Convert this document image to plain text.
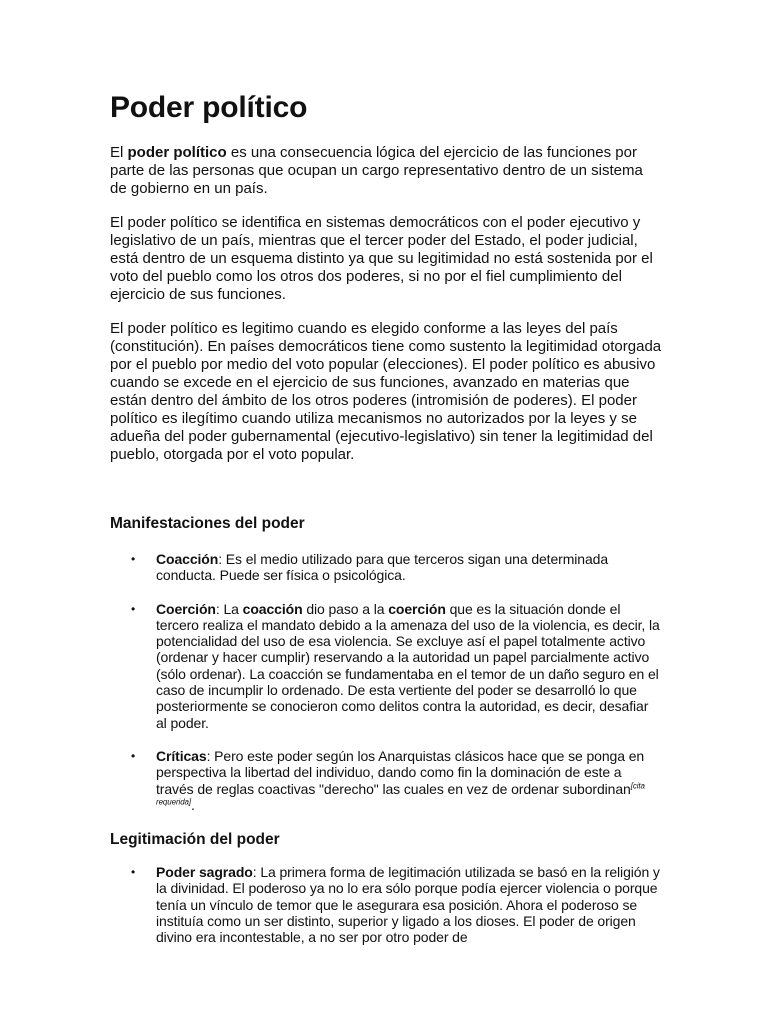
Poder político

El poder político es una consecuencia lógica del ejercicio de las funciones por parte de las personas que ocupan un cargo representativo dentro de un sistema de gobierno en un país.

El poder político se identifica en sistemas democráticos con el poder ejecutivo y legislativo de un país, mientras que el tercer poder del Estado, el poder judicial, está dentro de un esquema distinto ya que su legitimidad no está sostenida por el voto del pueblo como los otros dos poderes, si no por el fiel cumplimiento del ejercicio de sus funciones.

El poder político es legitimo cuando es elegido conforme a las leyes del país (constitución). En países democráticos tiene como sustento la legitimidad otorgada por el pueblo por medio del voto popular (elecciones). El poder político es abusivo cuando se excede en el ejercicio de sus funciones, avanzado en materias que están dentro del ámbito de los otros poderes (intromisión de poderes). El poder político es ilegítimo cuando utiliza mecanismos no autorizados por la leyes y se adueña del poder gubernamental (ejecutivo-legislativo) sin tener la legitimidad del pueblo, otorgada por el voto popular.

Manifestaciones del poder
• Coacción: Es el medio utilizado para que terceros sigan una determinada conducta. Puede ser física o psicológica.
• Coerción: La coacción dio paso a la coerción que es la situación donde el tercero realiza el mandato debido a la amenaza del uso de la violencia, es decir, la potencialidad del uso de esa violencia. Se excluye así el papel totalmente activo (ordenar y hacer cumplir) reservando a la autoridad un papel parcialmente activo (sólo ordenar). La coacción se fundamentaba en el temor de un daño seguro en el caso de incumplir lo ordenado. De esta vertiente del poder se desarrolló lo que posteriormente se conocieron como delitos contra la autoridad, es decir, desafiar al poder.
• Críticas: Pero este poder según los Anarquistas clásicos hace que se ponga en perspectiva la libertad del individuo, dando como fin la dominación de este a través de reglas coactivas "derecho" las cuales en vez de ordenar subordinan[cita requerida].
Legitimación del poder
• Poder sagrado: La primera forma de legitimación utilizada se basó en la religión y la divinidad. El poderoso ya no lo era sólo porque podía ejercer violencia o porque tenía un vínculo de temor que le asegurara esa posición. Ahora el poderoso se instituía como un ser distinto, superior y ligado a los dioses. El poder de origen divino era incontestable, a no ser por otro poder de
